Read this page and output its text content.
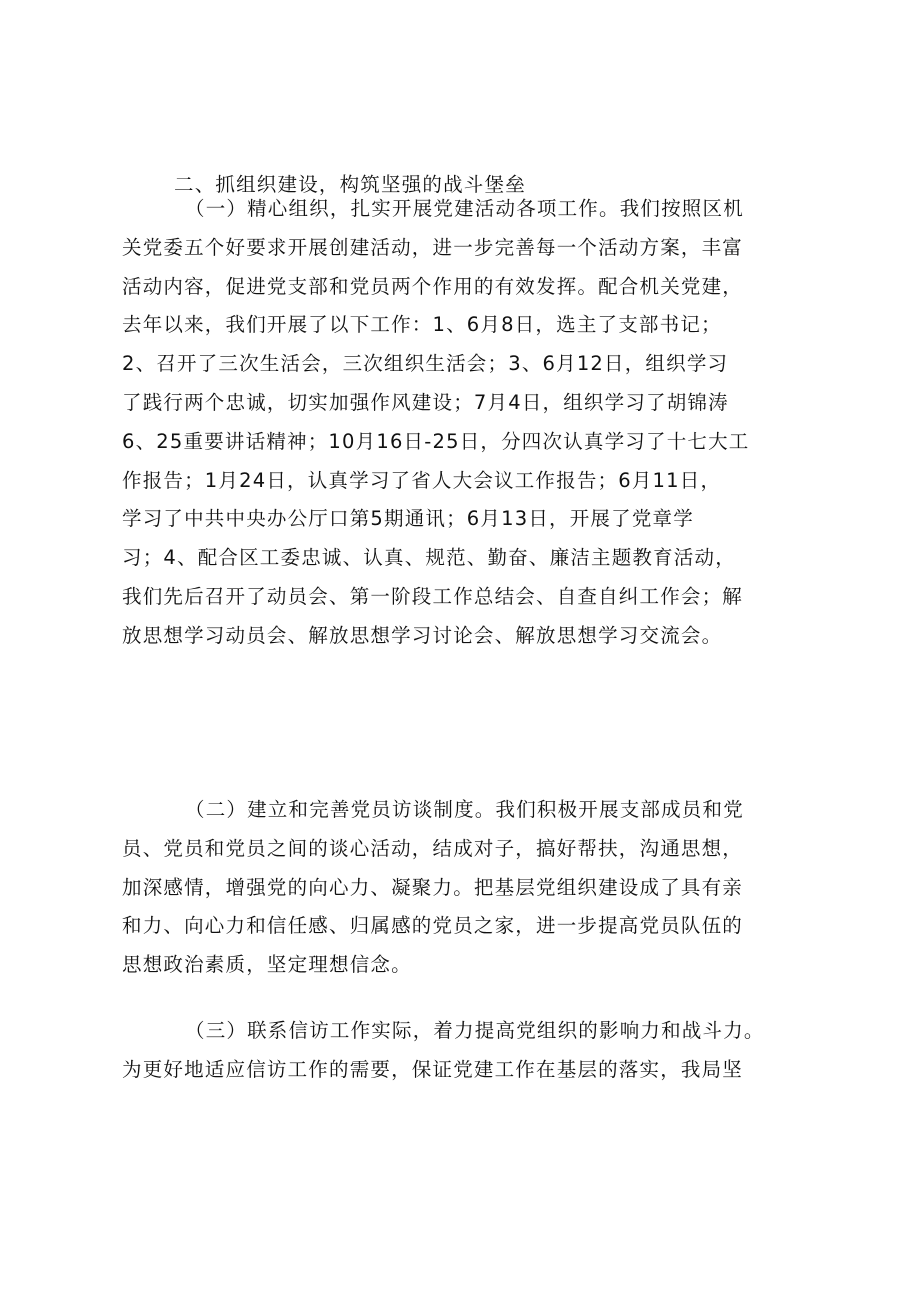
二、抓组织建设，构筑坚强的战斗堡垒
（一）精心组织，扎实开展党建活动各项工作。我们按照区机
关党委五个好要求开展创建活动，进一步完善每一个活动方案，丰富
活动内容，促进党支部和党员两个作用的有效发挥。配合机关党建，
去年以来，我们开展了以下工作：1、6月8日，选主了支部书记；
2、召开了三次生活会，三次组织生活会；3、6月12日，组织学习
了践行两个忠诚，切实加强作风建设；7月4日，组织学习了胡锦涛
6、25重要讲话精神；10月16日-25日，分四次认真学习了十七大工
作报告；1月24日，认真学习了省人大会议工作报告；6月11日，
学习了中共中央办公厅口第5期通讯；6月13日，开展了党章学
习；4、配合区工委忠诚、认真、规范、勤奋、廉洁主题教育活动，
我们先后召开了动员会、第一阶段工作总结会、自查自纠工作会；解
放思想学习动员会、解放思想学习讨论会、解放思想学习交流会。
（二）建立和完善党员访谈制度。我们积极开展支部成员和党
员、党员和党员之间的谈心活动，结成对子，搞好帮扶，沟通思想，
加深感情，增强党的向心力、凝聚力。把基层党组织建设成了具有亲
和力、向心力和信任感、归属感的党员之家，进一步提高党员队伍的
思想政治素质，坚定理想信念。
（三）联系信访工作实际，着力提高党组织的影响力和战斗力。
为更好地适应信访工作的需要，保证党建工作在基层的落实，我局坚
